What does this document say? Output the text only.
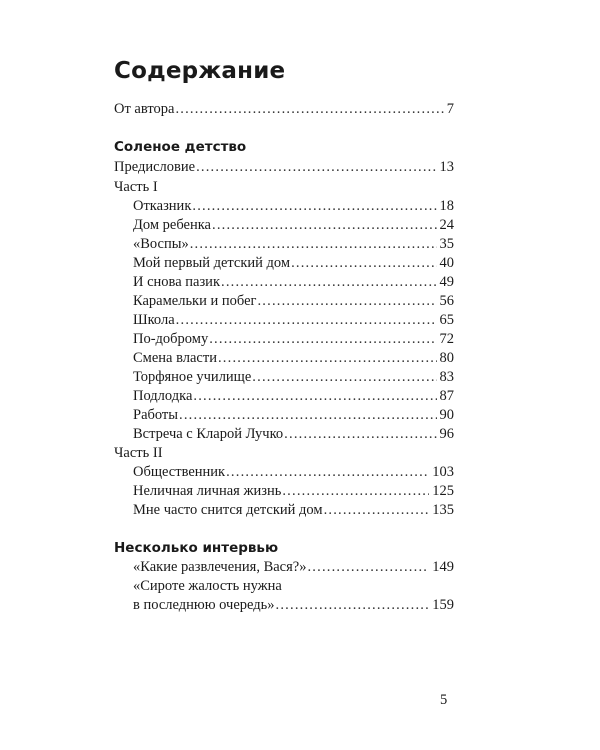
Содержание
От автора .....	7
Соленое детство
Предисловие .....	13
Часть I
Отказник .....	18
Дом ребенка .....	24
«Воспы» .....	35
Мой первый детский дом .....	40
И снова пазик .....	49
Карамельки и побег .....	56
Школа .....	65
По-доброму .....	72
Смена власти .....	80
Торфяное училище .....	83
Подлодка .....	87
Работы .....	90
Встреча с Кларой Лучко .....	96
Часть II
Общественник .....	103
Неличная личная жизнь .....	125
Мне часто снится детский дом .....	135
Несколько интервью
«Какие развлечения, Вася?» .....	149
«Сироте жалость нужна
в последнюю очередь» .....	159
5
